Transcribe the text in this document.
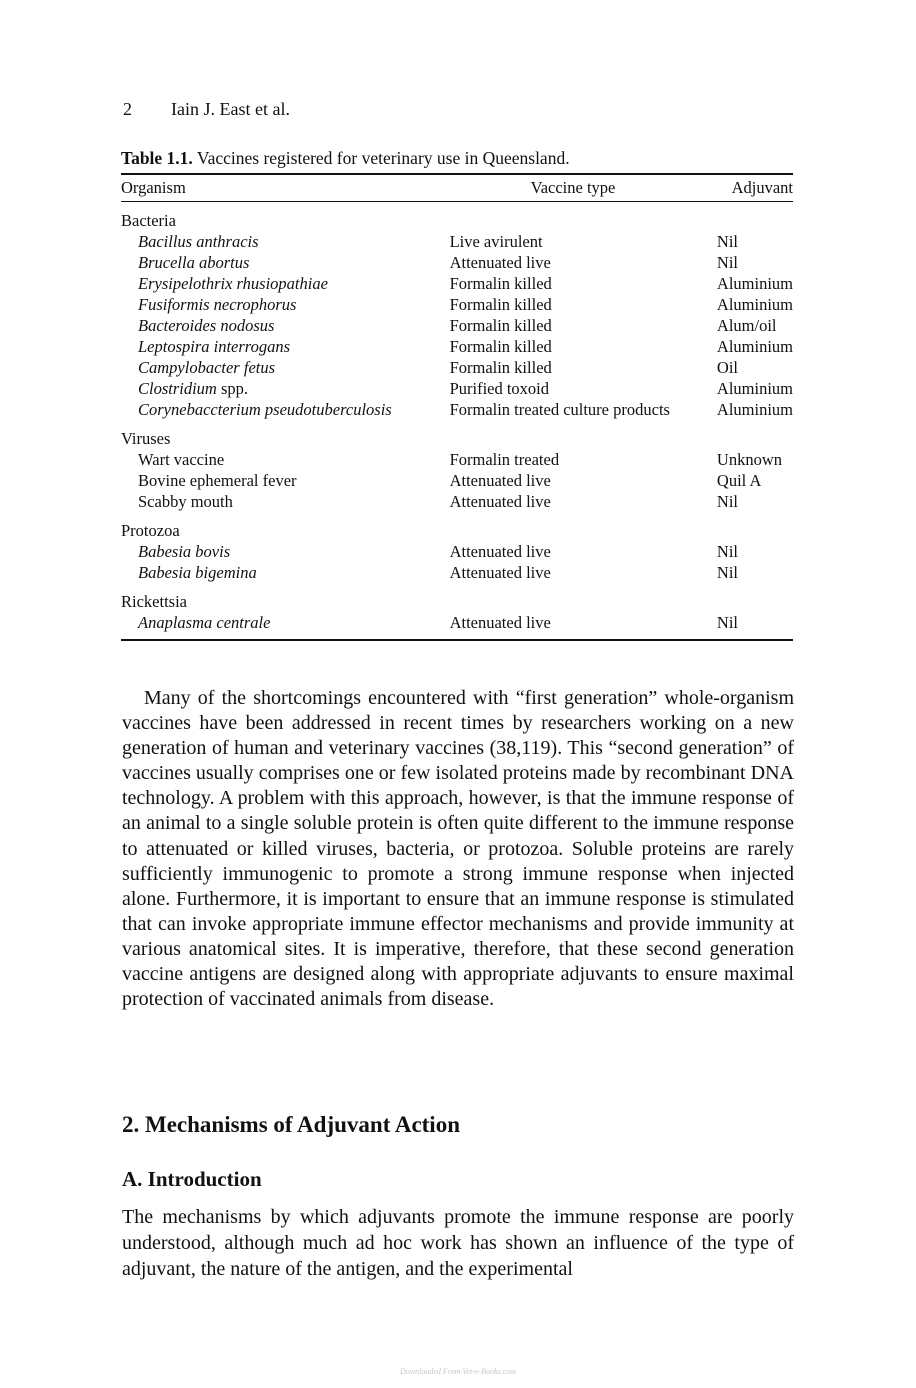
2 Iain J. East et al.
Table 1.1. Vaccines registered for veterinary use in Queensland.
Organism	Vaccine type	Adjuvant
Bacteria		
Bacillus anthracis	Live avirulent	Nil
Brucella abortus	Attenuated live	Nil
Erysipelothrix rhusiopathiae	Formalin killed	Aluminium
Fusiformis necrophorus	Formalin killed	Aluminium
Bacteroides nodosus	Formalin killed	Alum/oil
Leptospira interrogans	Formalin killed	Aluminium
Campylobacter fetus	Formalin killed	Oil
Clostridium spp.	Purified toxoid	Aluminium
Corynebaccterium pseudotuberculosis	Formalin treated culture products	Aluminium
Viruses		
Wart vaccine	Formalin treated	Unknown
Bovine ephemeral fever	Attenuated live	Quil A
Scabby mouth	Attenuated live	Nil
Protozoa		
Babesia bovis	Attenuated live	Nil
Babesia bigemina	Attenuated live	Nil
Rickettsia		
Anaplasma centrale	Attenuated live	Nil

Many of the shortcomings encountered with “first generation” whole-organism vaccines have been addressed in recent times by researchers working on a new generation of human and veterinary vaccines (38,119). This “second generation” of vaccines usually comprises one or few isolated proteins made by recombinant DNA technology. A problem with this approach, however, is that the immune response of an animal to a single soluble protein is often quite different to the immune response to attenuated or killed viruses, bacteria, or protozoa. Soluble proteins are rarely sufficiently immunogenic to promote a strong immune response when injected alone. Furthermore, it is important to ensure that an immune response is stimulated that can invoke appropriate immune effector mechanisms and provide immunity at various anatomical sites. It is imperative, therefore, that these second generation vaccine antigens are designed along with appropriate adjuvants to ensure maximal protection of vaccinated animals from disease.

2. Mechanisms of Adjuvant Action
A. Introduction

The mechanisms by which adjuvants promote the immune response are poorly understood, although much ad hoc work has shown an influence of the type of adjuvant, the nature of the antigen, and the experimental

Downloaded From Vet-e-Books.com
